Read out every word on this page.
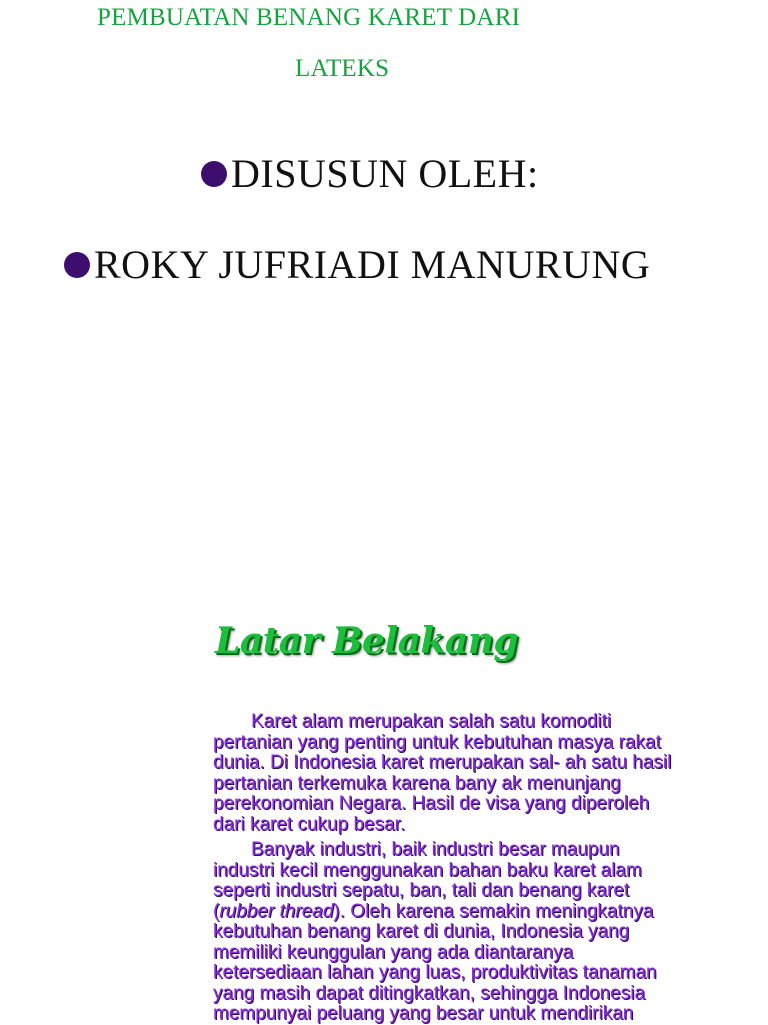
PEMBUATAN BENANG KARET DARI
LATEKS
DISUSUN OLEH:
ROKY JUFRIADI MANURUNG
Latar Belakang
Karet alam merupakan salah satu komoditi
pertanian yang penting untuk kebutuhan masya rakat
dunia. Di Indonesia karet merupakan sal- ah satu hasil
pertanian terkemuka karena bany ak menunjang
perekonomian Negara. Hasil de visa yang diperoleh
dari karet cukup besar.
Banyak industri, baik industri besar maupun
industri kecil menggunakan bahan baku karet alam
seperti industri sepatu, ban, tali dan benang karet
(rubber thread). Oleh karena semakin meningkatnya
kebutuhan benang karet di dunia, Indonesia yang
memiliki keunggulan yang ada diantaranya
ketersediaan lahan yang luas, produktivitas tanaman
yang masih dapat ditingkatkan, sehingga Indonesia
mempunyai peluang yang besar untuk mendirikan
